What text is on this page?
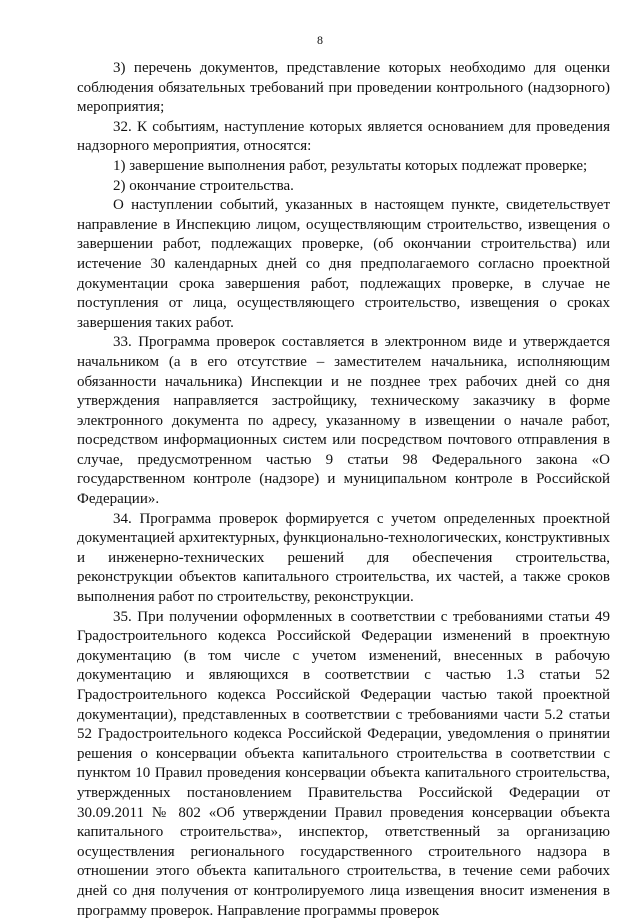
8

3) перечень документов, представление которых необходимо для оценки соблюдения обязательных требований при проведении контрольного (надзорного) мероприятия;

32. К событиям, наступление которых является основанием для проведения надзорного мероприятия, относятся:

1) завершение выполнения работ, результаты которых подлежат проверке;

2) окончание строительства.

О наступлении событий, указанных в настоящем пункте, свидетельствует направление в Инспекцию лицом, осуществляющим строительство, извещения о завершении работ, подлежащих проверке, (об окончании строительства) или истечение 30 календарных дней со дня предполагаемого согласно проектной документации срока завершения работ, подлежащих проверке, в случае не поступления от лица, осуществляющего строительство, извещения о сроках завершения таких работ.

33. Программа проверок составляется в электронном виде и утверждается начальником (а в его отсутствие – заместителем начальника, исполняющим обязанности начальника) Инспекции и не позднее трех рабочих дней со дня утверждения направляется застройщику, техническому заказчику в форме электронного документа по адресу, указанному в извещении о начале работ, посредством информационных систем или посредством почтового отправления в случае, предусмотренном частью 9 статьи 98 Федерального закона «О государственном контроле (надзоре) и муниципальном контроле в Российской Федерации».

34. Программа проверок формируется с учетом определенных проектной документацией архитектурных, функционально-технологических, конструктивных и инженерно-технических решений для обеспечения строительства, реконструкции объектов капитального строительства, их частей, а также сроков выполнения работ по строительству, реконструкции.

35. При получении оформленных в соответствии с требованиями статьи 49 Градостроительного кодекса Российской Федерации изменений в проектную документацию (в том числе с учетом изменений, внесенных в рабочую документацию и являющихся в соответствии с частью 1.3 статьи 52 Градостроительного кодекса Российской Федерации частью такой проектной документации), представленных в соответствии с требованиями части 5.2 статьи 52 Градостроительного кодекса Российской Федерации, уведомления о принятии решения о консервации объекта капитального строительства в соответствии с пунктом 10 Правил проведения консервации объекта капитального строительства, утвержденных постановлением Правительства Российской Федерации от 30.09.2011 № 802 «Об утверждении Правил проведения консервации объекта капитального строительства», инспектор, ответственный за организацию осуществления регионального государственного строительного надзора в отношении этого объекта капитального строительства, в течение семи рабочих дней со дня получения от контролируемого лица извещения вносит изменения в программу проверок. Направление программы проверок
